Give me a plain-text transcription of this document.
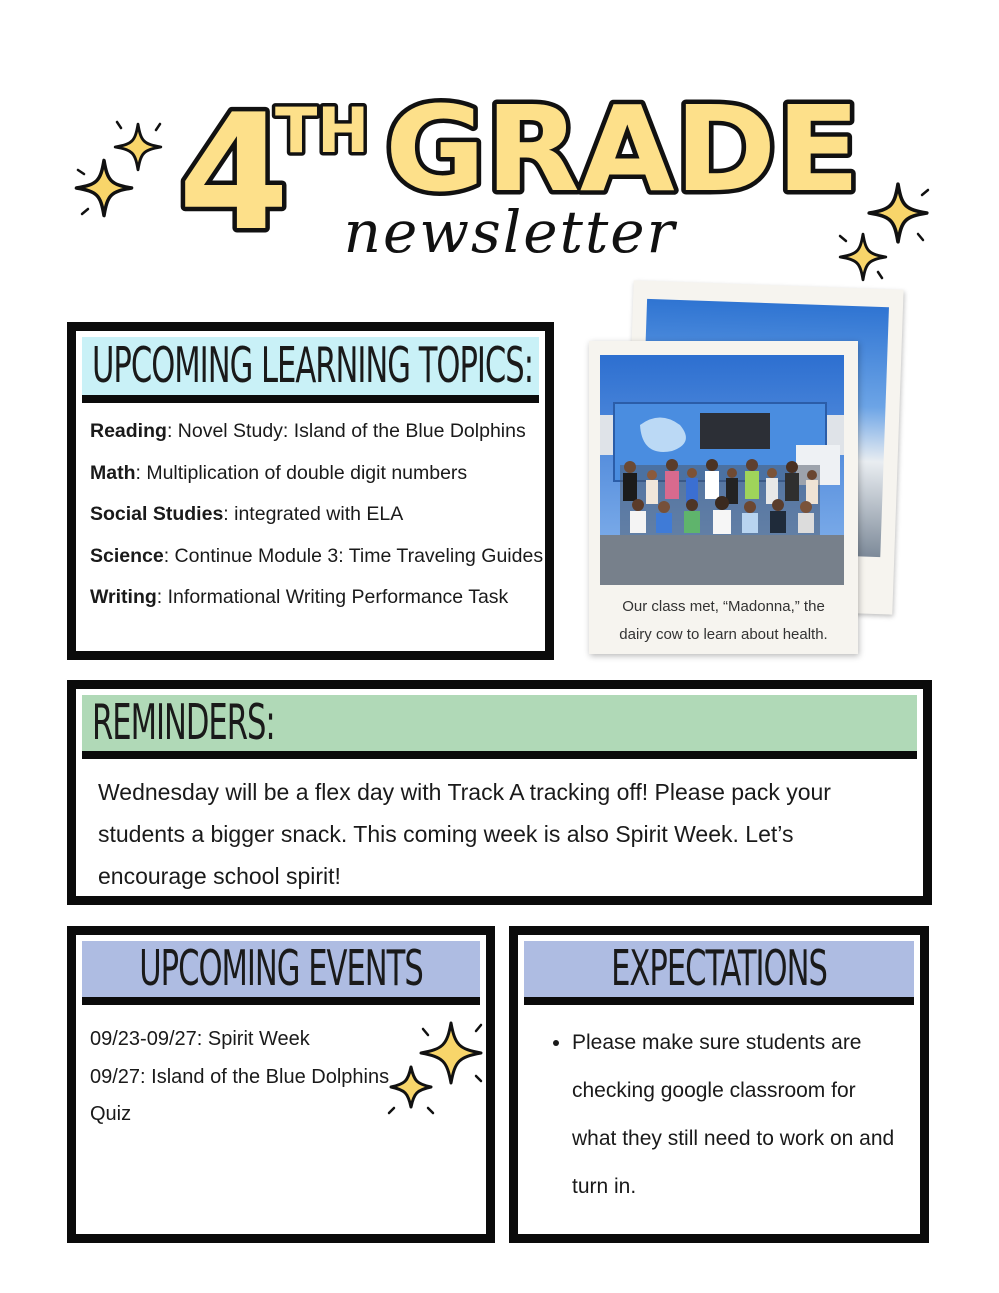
4
TH GRADE
newsletter
UPCOMING LEARNING TOPICS:
Reading: Novel Study: Island of the Blue Dolphins
Math: Multiplication of double digit numbers
Social Studies: integrated with ELA
Science: Continue Module 3: Time Traveling Guides
Writing: Informational Writing Performance Task	Our class met, “Madonna,” the
dairy cow to learn about health.
REMINDERS:
Wednesday will be a flex day with Track A tracking off! Please pack your students a bigger snack. This coming week is also Spirit Week. Let’s encourage school spirit!
UPCOMING EVENTS
09/23-09/27: Spirit Week
09/27: Island of the Blue Dolphins Quiz
EXPECTATIONS
• Please make sure students are checking google classroom for what they still need to work on and turn in.
